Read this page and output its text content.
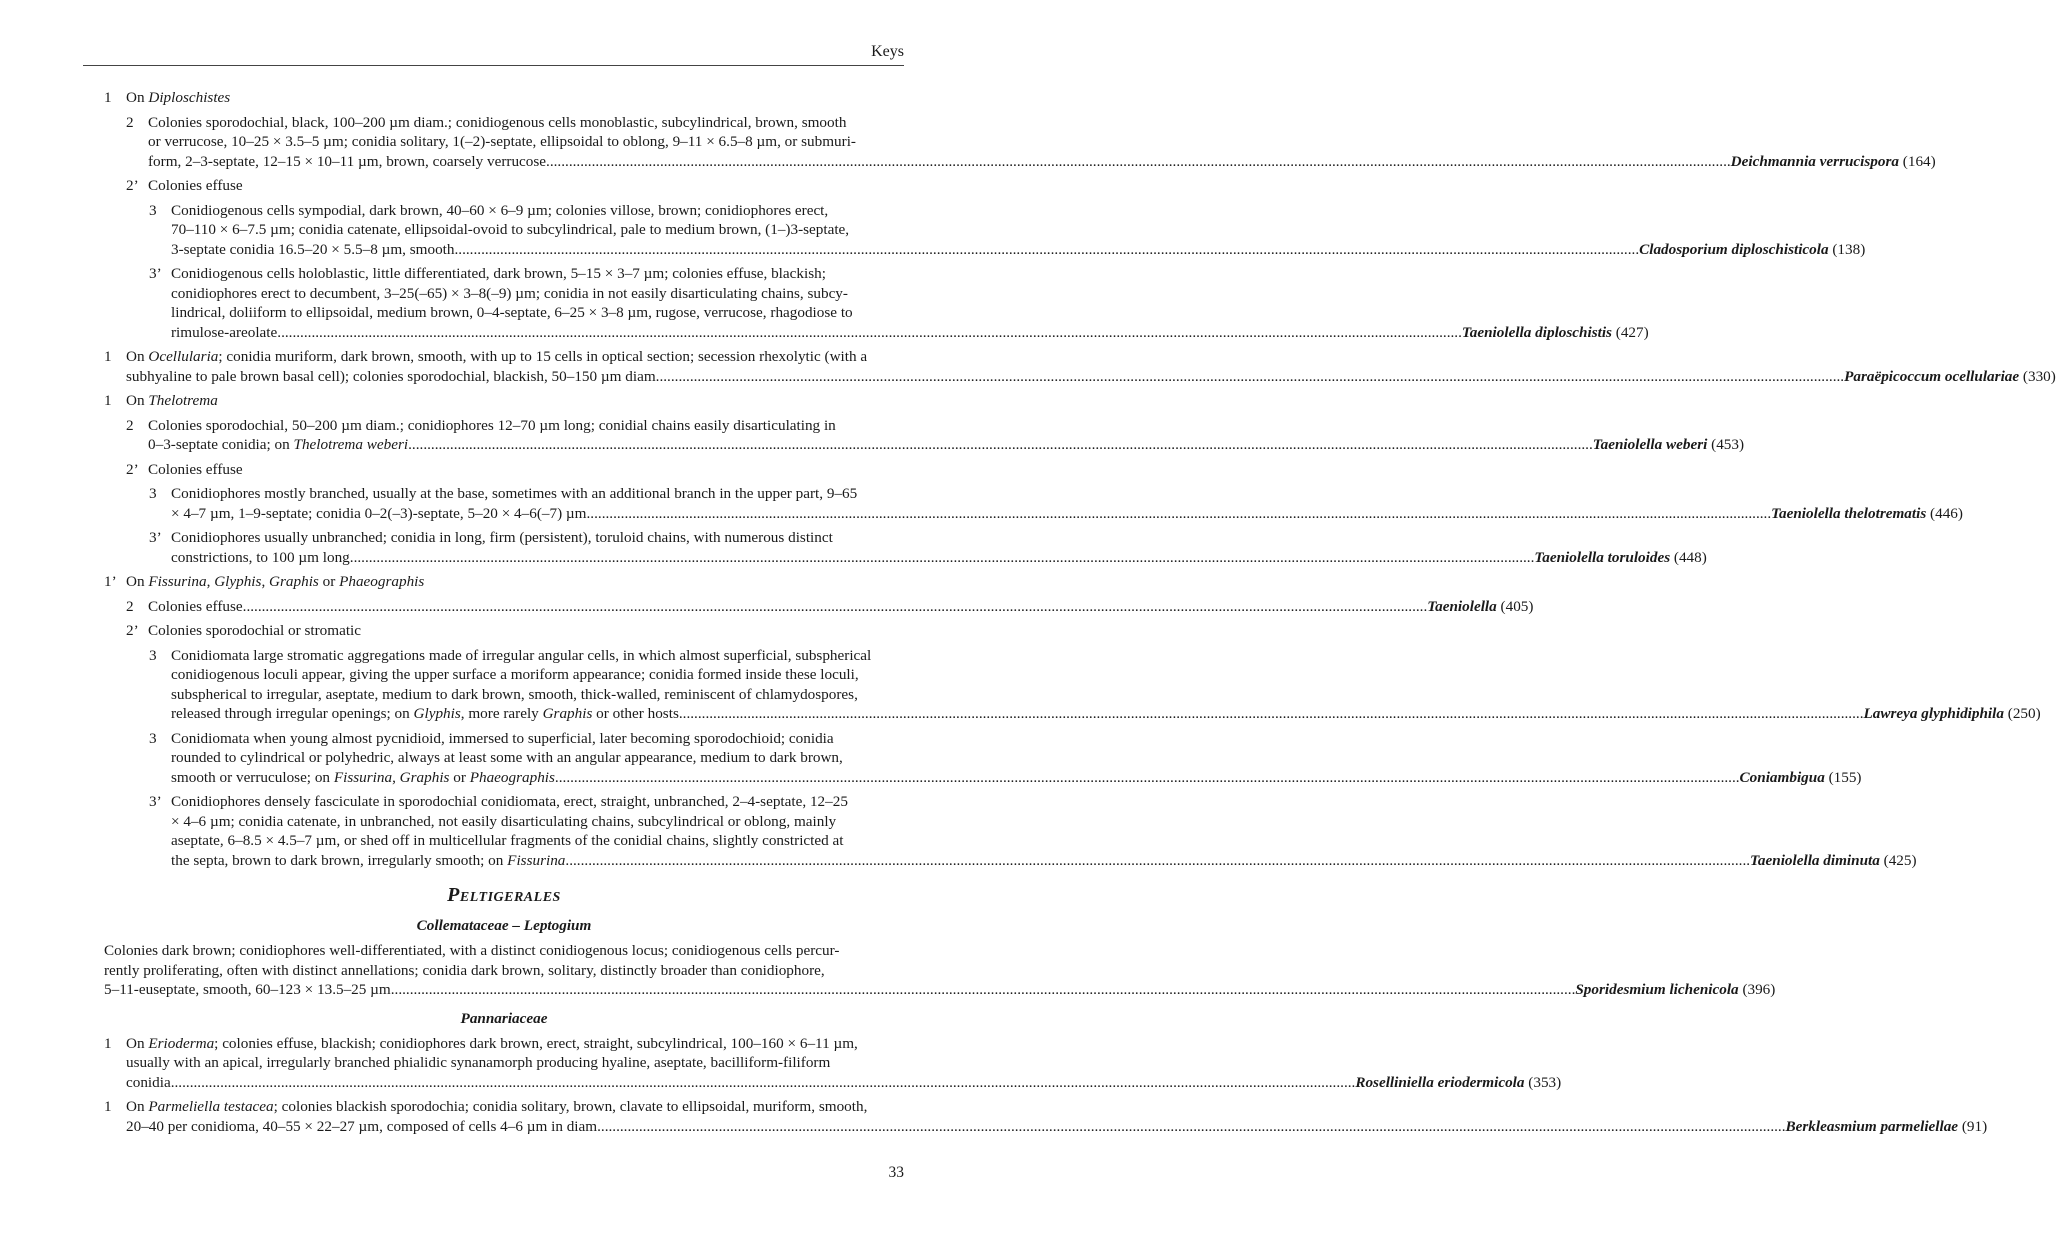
Keys
1 On Diploschistes
2 Colonies sporodochial, black, 100–200 µm diam.; conidiogenous cells monoblastic, subcylindrical, brown, smooth
or verrucose, 10–25 × 3.5–5 µm; conidia solitary, 1(–2)-septate, ellipsoidal to oblong, 9–11 × 6.5–8 µm, or submuri-
form, 2–3-septate, 12–15 × 10–11 µm, brown, coarsely verrucose .....	Deichmannia verrucispora (164)
2’ Colonies effuse
3 Conidiogenous cells sympodial, dark brown, 40–60 × 6–9 µm; colonies villose, brown; conidiophores erect,
70–110 × 6–7.5 µm; conidia catenate, ellipsoidal-ovoid to subcylindrical, pale to medium brown, (1–)3-septate,
3-septate conidia 16.5–20 × 5.5–8 µm, smooth .....	Cladosporium diploschisticola (138)
3’ Conidiogenous cells holoblastic, little differentiated, dark brown, 5–15 × 3–7 µm; colonies effuse, blackish;
conidiophores erect to decumbent, 3–25(–65) × 3–8(–9) µm; conidia in not easily disarticulating chains, subcy-
lindrical, doliiform to ellipsoidal, medium brown, 0–4-septate, 6–25 × 3–8 µm, rugose, verrucose, rhagodiose to
rimulose-areolate .....	Taeniolella diploschistis (427)
1 On Ocellularia; conidia muriform, dark brown, smooth, with up to 15 cells in optical section; secession rhexolytic (with a
subhyaline to pale brown basal cell); colonies sporodochial, blackish, 50–150 µm diam. .....	Paraëpicoccum ocellulariae (330)
1 On Thelotrema
2 Colonies sporodochial, 50–200 µm diam.; conidiophores 12–70 µm long; conidial chains easily disarticulating in
0–3-septate conidia; on Thelotrema weberi .....	Taeniolella weberi (453)
2’ Colonies effuse
3 Conidiophores mostly branched, usually at the base, sometimes with an additional branch in the upper part, 9–65
× 4–7 µm, 1–9-septate; conidia 0–2(–3)-septate, 5–20 × 4–6(–7) µm .....	Taeniolella thelotrematis (446)
3’ Conidiophores usually unbranched; conidia in long, firm (persistent), toruloid chains, with numerous distinct
constrictions, to 100 µm long .....	Taeniolella toruloides (448)
1’ On Fissurina, Glyphis, Graphis or Phaeographis
2 Colonies effuse .....	Taeniolella (405)
2’ Colonies sporodochial or stromatic
3 Conidiomata large stromatic aggregations made of irregular angular cells, in which almost superficial, subspherical
conidiogenous loculi appear, giving the upper surface a moriform appearance; conidia formed inside these loculi,
subspherical to irregular, aseptate, medium to dark brown, smooth, thick-walled, reminiscent of chlamydospores,
released through irregular openings; on Glyphis, more rarely Graphis or other hosts .....	Lawreya glyphidiphila (250)
3 Conidiomata when young almost pycnidioid, immersed to superficial, later becoming sporodochioid; conidia
rounded to cylindrical or polyhedric, always at least some with an angular appearance, medium to dark brown,
smooth or verruculose; on Fissurina, Graphis or Phaeographis .....	Coniambigua (155)
3’ Conidiophores densely fasciculate in sporodochial conidiomata, erect, straight, unbranched, 2–4-septate, 12–25
× 4–6 µm; conidia catenate, in unbranched, not easily disarticulating chains, subcylindrical or oblong, mainly
aseptate, 6–8.5 × 4.5–7 µm, or shed off in multicellular fragments of the conidial chains, slightly constricted at
the septa, brown to dark brown, irregularly smooth; on Fissurina .....	Taeniolella diminuta (425)
Peltigerales
Collemataceae – Leptogium
Colonies dark brown; conidiophores well-differentiated, with a distinct conidiogenous locus; conidiogenous cells percur-
rently proliferating, often with distinct annellations; conidia dark brown, solitary, distinctly broader than conidiophore,
5–11-euseptate, smooth, 60–123 × 13.5–25 µm .....	Sporidesmium lichenicola (396)
Pannariaceae
1 On Erioderma; colonies effuse, blackish; conidiophores dark brown, erect, straight, subcylindrical, 100–160 × 6–11 µm,
usually with an apical, irregularly branched phialidic synanamorph producing hyaline, aseptate, bacilliform-filiform
conidia .....	Roselliniella eriodermicola (353)
1 On Parmeliella testacea; colonies blackish sporodochia; conidia solitary, brown, clavate to ellipsoidal, muriform, smooth,
20–40 per conidioma, 40–55 × 22–27 µm, composed of cells 4–6 µm in diam. .....	Berkleasmium parmeliellae (91)
33
